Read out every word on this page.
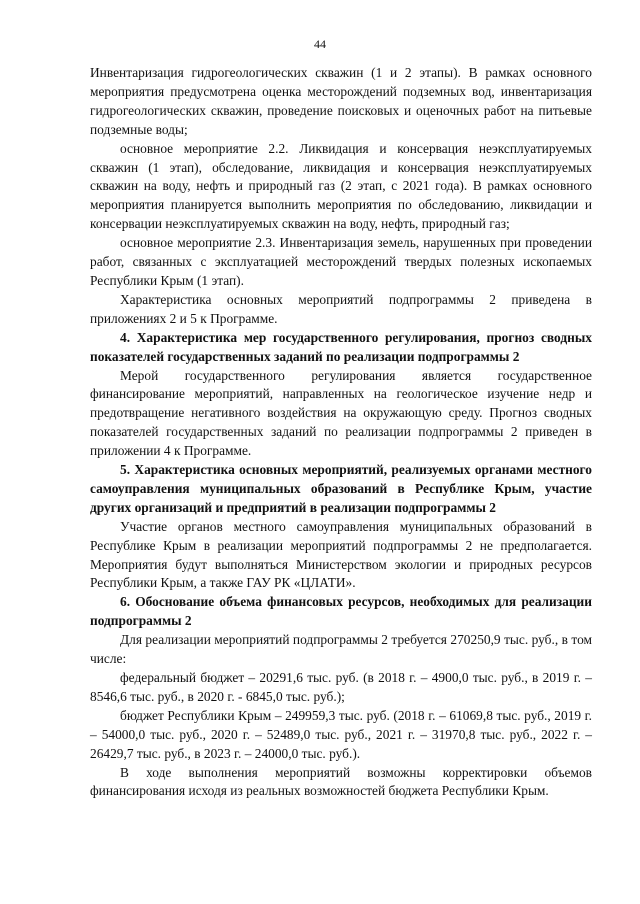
44

Инвентаризация гидрогеологических скважин (1 и 2 этапы). В рамках основного мероприятия предусмотрена оценка месторождений подземных вод, инвентаризация гидрогеологических скважин, проведение поисковых и оценочных работ на питьевые подземные воды;

основное мероприятие 2.2. Ликвидация и консервация неэксплуатируемых скважин (1 этап), обследование, ликвидация и консервация неэксплуатируемых скважин на воду, нефть и природный газ (2 этап, с 2021 года). В рамках основного мероприятия планируется выполнить мероприятия по обследованию, ликвидации и консервации неэксплуатируемых скважин на воду, нефть, природный газ;

основное мероприятие 2.3. Инвентаризация земель, нарушенных при проведении работ, связанных с эксплуатацией месторождений твердых полезных ископаемых Республики Крым (1 этап).

Характеристика основных мероприятий подпрограммы 2 приведена в приложениях 2 и 5 к Программе.

4. Характеристика мер государственного регулирования, прогноз сводных показателей государственных заданий по реализации подпрограммы 2

Мерой государственного регулирования является государственное финансирование мероприятий, направленных на геологическое изучение недр и предотвращение негативного воздействия на окружающую среду. Прогноз сводных показателей государственных заданий по реализации подпрограммы 2 приведен в приложении 4 к Программе.

5. Характеристика основных мероприятий, реализуемых органами местного самоуправления муниципальных образований в Республике Крым, участие других организаций и предприятий в реализации подпрограммы 2

Участие органов местного самоуправления муниципальных образований в Республике Крым в реализации мероприятий подпрограммы 2 не предполагается. Мероприятия будут выполняться Министерством экологии и природных ресурсов Республики Крым, а также ГАУ РК «ЦЛАТИ».

6. Обоснование объема финансовых ресурсов, необходимых для реализации подпрограммы 2

Для реализации мероприятий подпрограммы 2 требуется 270250,9 тыс. руб., в том числе:

федеральный бюджет – 20291,6 тыс. руб. (в 2018 г. – 4900,0 тыс. руб., в 2019 г. – 8546,6 тыс. руб., в 2020 г. - 6845,0 тыс. руб.);

бюджет Республики Крым – 249959,3 тыс. руб. (2018 г. – 61069,8 тыс. руб., 2019 г. – 54000,0 тыс. руб., 2020 г. – 52489,0 тыс. руб., 2021 г. – 31970,8 тыс. руб., 2022 г. – 26429,7 тыс. руб., в 2023 г. – 24000,0 тыс. руб.).

В ходе выполнения мероприятий возможны корректировки объемов финансирования исходя из реальных возможностей бюджета Республики Крым.
